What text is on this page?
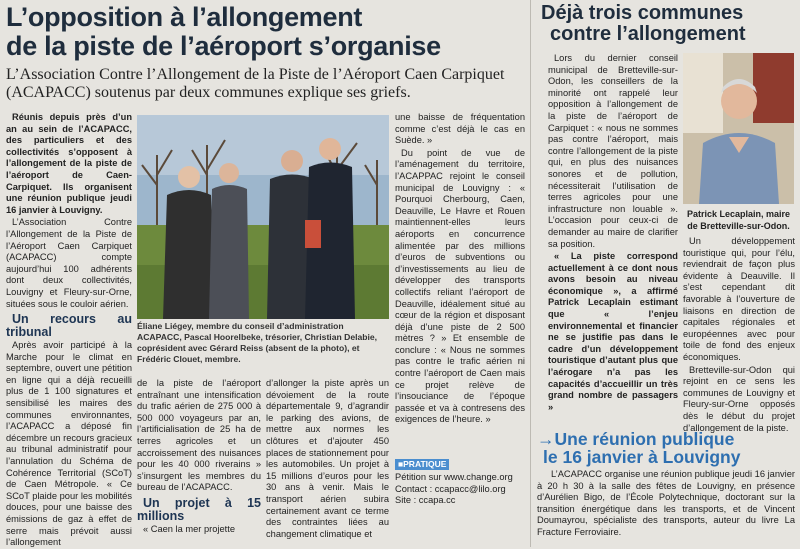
L’opposition à l’allongement
de la piste de l’aéroport s’organise
L’Association Contre l’Allongement de la Piste de l’Aéroport Caen Carpiquet
(ACAPACC) soutenus par deux communes explique ses griefs.

Réunis depuis près d’un an au sein de l’ACAPACC, des particuliers et des collectivités s’opposent à l’allongement de la piste de l’aéroport de Caen-Carpiquet. Ils organisent une réunion publique jeudi 16 janvier à Louvigny.

L’Association Contre l’Allongement de la Piste de l’Aéroport Caen Carpiquet (ACAPACC) compte aujourd’hui 100 adhérents dont deux collectivités, Louvigny et Fleury-sur-Orne, situées sous le couloir aérien.

Un recours au tribunal

Après avoir participé à la Marche pour le climat en septembre, ouvert une pétition en ligne qui a déjà recueilli plus de 1 100 signatures et sensibilisé les maires des communes environnantes, l’ACAPACC a déposé fin décembre un recours gracieux au tribunal administratif pour l’annulation du Schéma de Cohérence Territorial (SCoT) de Caen Métropole. « Ce SCoT plaide pour les mobilités douces, pour une baisse des émissions de gaz à effet de serre mais prévoit aussi l’allongement

Éliane Liégey, membre du conseil d’administration ACAPACC, Pascal Hoorelbeke, trésorier, Christian Delabie, coprésident avec Gérard Reiss (absent de la photo), et Frédéric Clouet, membre.

de la piste de l’aéroport entraînant une intensification du trafic aérien de 275 000 à 500 000 voyageurs par an, l’artificialisation de 25 ha de terres agricoles et un accroissement des nuisances pour les 40 000 riverains » s’insurgent les membres du bureau de l’ACAPACC.

Un projet à 15 millions

« Caen la mer projette

d’allonger la piste après un dévoiement de la route départementale 9, d’agrandir le parking des avions, de mettre aux normes les clôtures et d’ajouter 450 places de stationnement pour les automobiles. Un projet à 15 millions d’euros pour les 30 ans à venir. Mais le transport aérien subira certainement avant ce terme des contraintes liées au changement climatique et

une baisse de fréquentation comme c’est déjà le cas en Suède. »

Du point de vue de l’aménagement du territoire, l’ACAPPAC rejoint le conseil municipal de Louvigny : « Pourquoi Cherbourg, Caen, Deauville, Le Havre et Rouen maintiennent-elles leurs aéroports en concurrence alimentée par des millions d’euros de subventions ou d’investissements au lieu de développer des transports collectifs reliant l’aéroport de Deauville, idéalement situé au cœur de la région et disposant déjà d’une piste de 2 500 mètres ? » Et ensemble de conclure : « Nous ne sommes pas contre le trafic aérien ni contre l’aéroport de Caen mais ce projet relève de l’insouciance de l’époque passée et va à contresens des exigences de l’heure. »

■PRATIQUE
Pétition sur www.change.org
Contact : ccapacc@lilo.org
Site : ccapa.cc
Déjà trois communes
contre l’allongement

Lors du dernier conseil municipal de Bretteville-sur-Odon, les conseillers de la minorité ont rappelé leur opposition à l’allongement de la piste de l’aéroport de Carpiquet : « nous ne sommes pas contre l’aéroport, mais contre l’allongement de la piste qui, en plus des nuisances sonores et de pollution, nécessiterait l’utilisation de terres agricoles pour une infrastructure non louable ». L’occasion pour ceux-ci de demander au maire de clarifier sa position.

« La piste correspond actuellement à ce dont nous avons besoin au niveau économique », a affirmé Patrick Lecaplain estimant que « l’enjeu environnemental et financier ne se justifie pas dans le cadre d’un développement touristique d’autant plus que l’aérogare n’a pas les capacités d’accueillir un très grand nombre de passagers »

Patrick Lecaplain, maire de Bretteville-sur-Odon.

Un développement touristique qui, pour l’élu, reviendrait de façon plus évidente à Deauville. Il s’est cependant dit favorable à l’ouverture de liaisons en direction de capitales régionales et européennes avec pour toile de fond des enjeux économiques.

Bretteville-sur-Odon qui rejoint en ce sens les communes de Louvigny et Fleury-sur-Orne opposés dès le début du projet d’allongement de la piste.

→Une réunion publique
le 16 janvier à Louvigny

L’ACAPACC organise une réunion publique jeudi 16 janvier à 20 h 30 à la salle des fêtes de Louvigny, en présence d’Aurélien Bigo, de l’École Polytechnique, doctorant sur la transition énergétique dans les transports, et de Vincent Doumayrou, spécialiste des transports, auteur du livre La Fracture Ferroviaire.
